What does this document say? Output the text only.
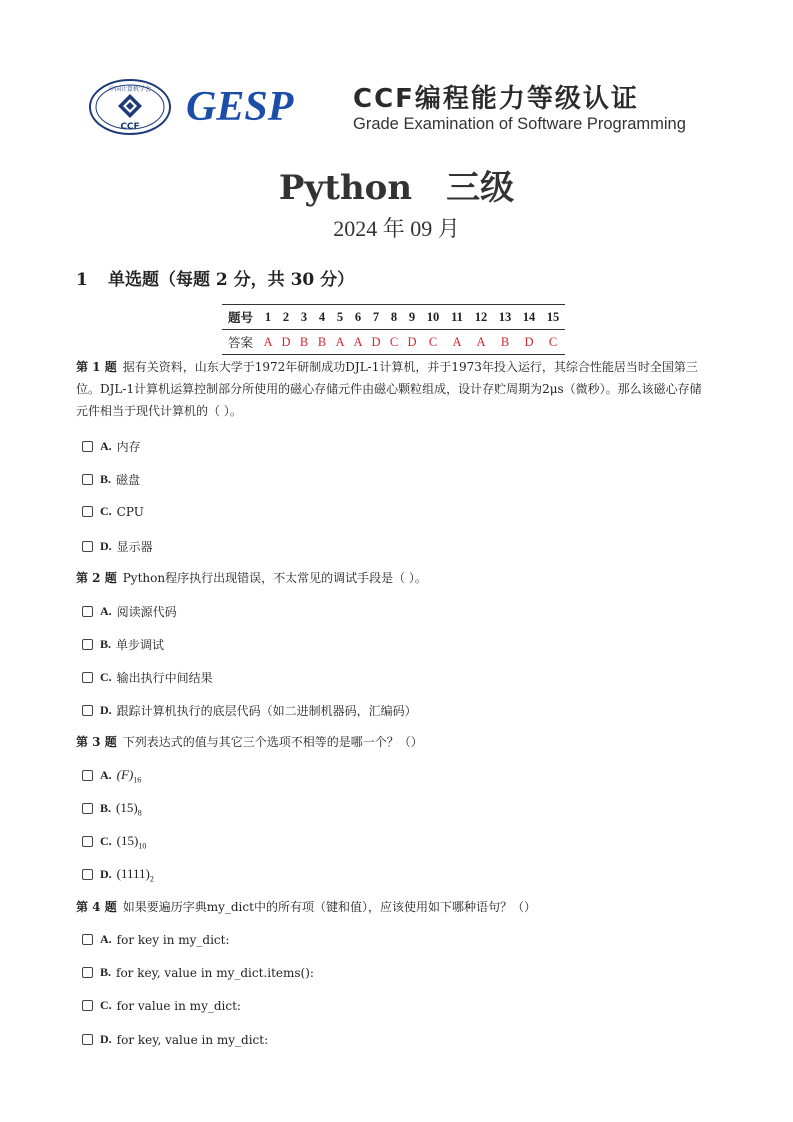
中国计算机学会
CCF GESP CCF编程能力等级认证
Grade Examination of Software Programming
Python　三级
2024 年 09 月
1 单选题（每题 2 分，共 30 分）
题号	1	2	3	4	5	6	7	8	9	10	11	12	13	14	15
答案	A	D	B	B	A	A	D	C	D	C	A	A	B	D	C
第 1 题 据有关资料，山东大学于1972年研制成功DJL-1计算机，并于1973年投入运行，其综合性能居当时全国第三位。DJL-1计算机运算控制部分所使用的磁心存储元件由磁心颗粒组成，设计存贮周期为2μs（微秒）。那么该磁心存储元件相当于现代计算机的（ ）。
A. 内存
B. 磁盘
C. CPU
D. 显示器
第 2 题 Python程序执行出现错误，不太常见的调试手段是（ ）。
A. 阅读源代码
B. 单步调试
C. 输出执行中间结果
D. 跟踪计算机执行的底层代码（如二进制机器码，汇编码）
第 3 题 下列表达式的值与其它三个选项不相等的是哪一个？（）
A. $(F)_{16}$
B. $(15)_8$
C. $(15)_{10}$
D. $(1111)_2$
第 4 题 如果要遍历字典my_dict中的所有项（键和值），应该使用如下哪种语句？（）
A. for key in my_dict:
B. for key, value in my_dict.items():
C. for value in my_dict:
D. for key, value in my_dict:
